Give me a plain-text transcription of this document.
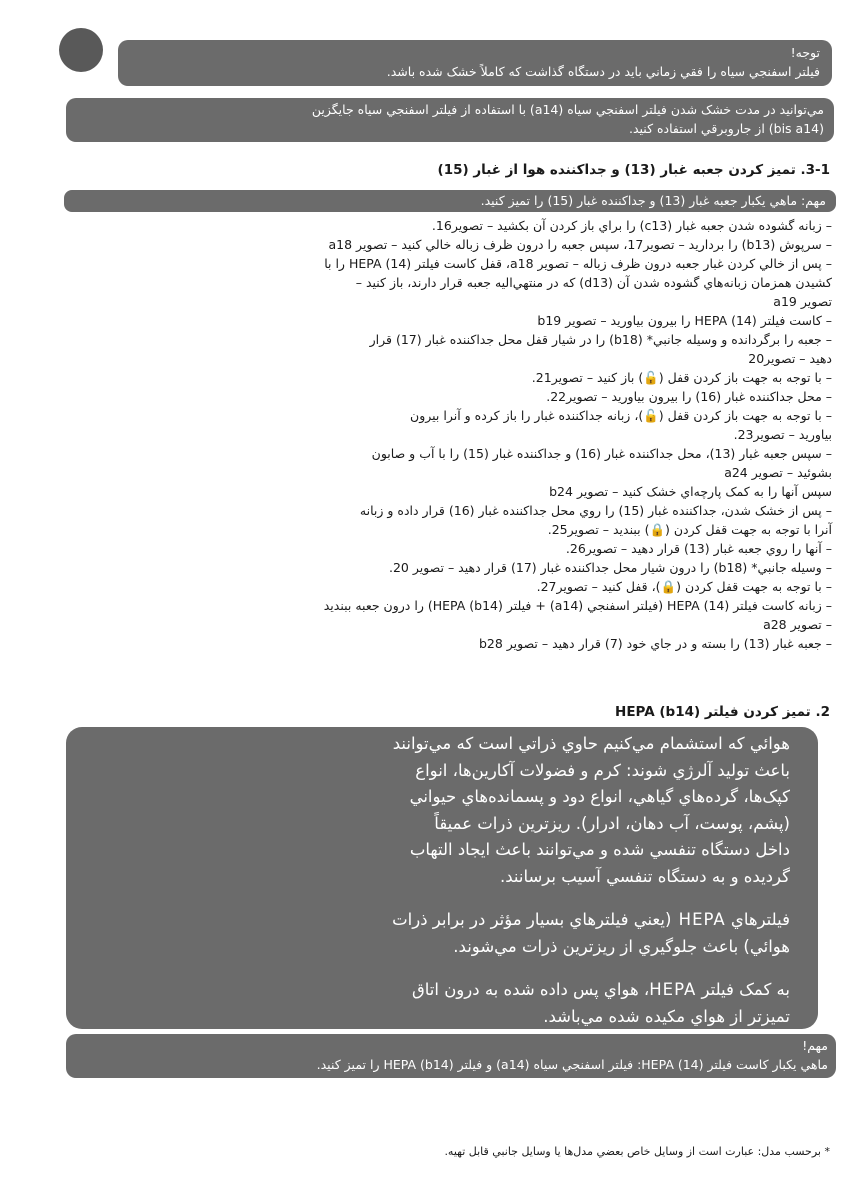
توجه!
فیلتر اسفنجي سیاه را فقي زماني باید در دستگاه گذاشت که کاملاً خشک شده باشد.
مي‌توانید در مدت خشک شدن فیلتر اسفنجي سیاه (a14) با استفاده از فیلتر اسفنجي سیاه جایگزین
(bis a14) از جاروبرقي استفاده کنید.
3-1. تميز کردن جعبه غبار (13) و جداکننده هوا از غبار (15)
مهم: ماهي یکبار جعبه غبار (13) و جداکننده غبار (15) را تميز کنید.
– زبانه گشوده شدن جعبه غبار (c13) را براي باز کردن آن بکشید – تصویر16.
– سرپوش (b13) را بردارید – تصویر17، سپس جعبه را درون ظرف زباله خالي کنید – تصویر a18
– پس از خالي کردن غبار جعبه درون ظرف زباله – تصویر a18، قفل کاست فیلتر HEPA (14) را با
کشیدن همزمان زبانه‌هاي گشوده شدن آن (d13) که در منتهي‌الیه جعبه قرار دارند، باز کنید –
تصویر a19
– کاست فیلتر HEPA (14) را بیرون بیاورید – تصویر b19
– جعبه را برگردانده و وسیله جانبي* (b18) را در شیار قفل محل جداکننده غبار (17) قرار
دهید – تصویر20
– با توجه به جهت باز کردن قفل (🔓) باز کنید – تصویر21.
– محل جداکننده غبار (16) را بیرون بیاورید – تصویر22.
– با توجه به جهت باز کردن قفل (🔓)، زبانه جداکننده غبار را باز کرده و آنرا بیرون
بیاورید – تصویر23.
– سپس جعبه غبار (13)، محل جداکننده غبار (16) و جداکننده غبار (15) را با آب و صابون
بشوئید – تصویر a24
سپس آنها را به کمک پارچه‌اي خشک کنید – تصویر b24
– پس از خشک شدن، جداکننده غبار (15) را روي محل جداکننده غبار (16) قرار داده و زبانه
آنرا با توجه به جهت قفل کردن (🔒) ببندید – تصویر25.
– آنها را روي جعبه غبار (13) قرار دهید – تصویر26.
– وسیله جانبي* (b18) را درون شیار محل جداکننده غبار (17) قرار دهید – تصویر 20.
– با توجه به جهت قفل کردن (🔒)، قفل کنید – تصویر27.
– زبانه کاست فیلتر HEPA (14) (فیلتر اسفنجي (a14) + فیلتر HEPA (b14)) را درون جعبه ببندید
– تصویر a28
– جعبه غبار (13) را بسته و در جاي خود (7) قرار دهید – تصویر b28
2. تميز کردن فیلتر HEPA (b14)

هوائي که استشمام مي‌کنیم حاوي ذراتي است که مي‌توانند

باعث تولید آلرژي شوند: کرم و فضولات آکارین‌ها، انواع

کپک‌ها، گرده‌هاي گیاهي، انواع دود و پسمانده‌هاي حیواني

(پشم، پوست، آب دهان، ادرار). ریزترین ذرات عمیقاً

داخل دستگاه تنفسي شده و مي‌توانند باعث ایجاد التهاب

گردیده و به دستگاه تنفسي آسیب برسانند.

فیلترهاي HEPA (یعني فیلترهاي بسیار مؤثر در برابر ذرات

هوائي) باعث جلوگیري از ریزترین ذرات مي‌شوند.

به کمک فیلتر HEPA، هواي پس داده شده به درون اتاق

تمیزتر از هواي مکیده شده مي‌باشد.

مهم!
ماهي یکبار کاست فیلتر HEPA (14): فیلتر اسفنجي سیاه (a14) و فیلتر HEPA (b14) را تميز کنید.
* برحسب مدل: عبارت است از وسایل خاص بعضي مدل‌ها یا وسایل جانبي قابل تهیه.
